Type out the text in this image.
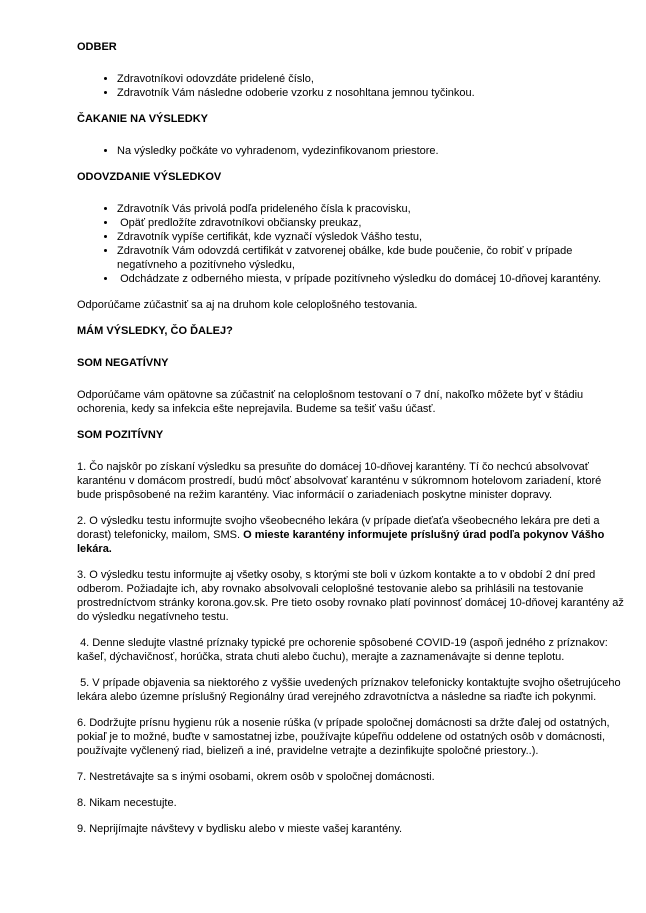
ODBER
• Zdravotníkovi odovzdáte pridelené číslo,
• Zdravotník Vám následne odoberie vzorku z nosohltana jemnou tyčinkou.
ČAKANIE NA VÝSLEDKY
• Na výsledky počkáte vo vyhradenom, vydezinfikovanom priestore.
ODOVZDANIE VÝSLEDKOV
• Zdravotník Vás privolá podľa prideleného čísla k pracovisku,
•  Opäť predložíte zdravotníkovi občiansky preukaz,
• Zdravotník vypíše certifikát, kde vyznačí výsledok Vášho testu,
• Zdravotník Vám odovzdá certifikát v zatvorenej obálke, kde bude poučenie, čo robiť v prípade negatívneho a pozitívneho výsledku,
•  Odchádzate z odberného miesta, v prípade pozitívneho výsledku do domácej 10-dňovej karantény.

Odporúčame zúčastniť sa aj na druhom kole celoplošného testovania.

MÁM VÝSLEDKY, ČO ĎALEJ?
SOM NEGATÍVNY

Odporúčame vám opätovne sa zúčastniť na celoplošnom testovaní o 7 dní, nakoľko môžete byť v štádiu ochorenia, kedy sa infekcia ešte neprejavila. Budeme sa tešiť vašu účasť.

SOM POZITÍVNY

1. Čo najskôr po získaní výsledku sa presuňte do domácej 10-dňovej karantény. Tí čo nechcú absolvovať karanténu v domácom prostredí, budú môcť absolvovať karanténu v súkromnom hotelovom zariadení, ktoré bude prispôsobené na režim karantény. Viac informácií o zariadeniach poskytne minister dopravy.

2. O výsledku testu informujte svojho všeobecného lekára (v prípade dieťaťa všeobecného lekára pre deti a dorast) telefonicky, mailom, SMS. O mieste karantény informujete príslušný úrad podľa pokynov Vášho lekára.

3. O výsledku testu informujte aj všetky osoby, s ktorými ste boli v úzkom kontakte a to v období 2 dní pred odberom. Požiadajte ich, aby rovnako absolvovali celoplošné testovanie alebo sa prihlásili na testovanie prostredníctvom stránky korona.gov.sk. Pre tieto osoby rovnako platí povinnosť domácej 10-dňovej karantény až do výsledku negatívneho testu.

4. Denne sledujte vlastné príznaky typické pre ochorenie spôsobené COVID-19 (aspoň jedného z príznakov: kašeľ, dýchavičnosť, horúčka, strata chuti alebo čuchu), merajte a zaznamenávajte si denne teplotu.

5. V prípade objavenia sa niektorého z vyššie uvedených príznakov telefonicky kontaktujte svojho ošetrujúceho lekára alebo územne príslušný Regionálny úrad verejného zdravotníctva a následne sa riaďte ich pokynmi.

6. Dodržujte prísnu hygienu rúk a nosenie rúška (v prípade spoločnej domácnosti sa držte ďalej od ostatných, pokiaľ je to možné, buďte v samostatnej izbe, používajte kúpeľňu oddelene od ostatných osôb v domácnosti, používajte vyčlenený riad, bielizeň a iné, pravidelne vetrajte a dezinfikujte spoločné priestory..).

7. Nestretávajte sa s inými osobami, okrem osôb v spoločnej domácnosti.

8. Nikam necestujte.

9. Neprijímajte návštevy v bydlisku alebo v mieste vašej karantény.
